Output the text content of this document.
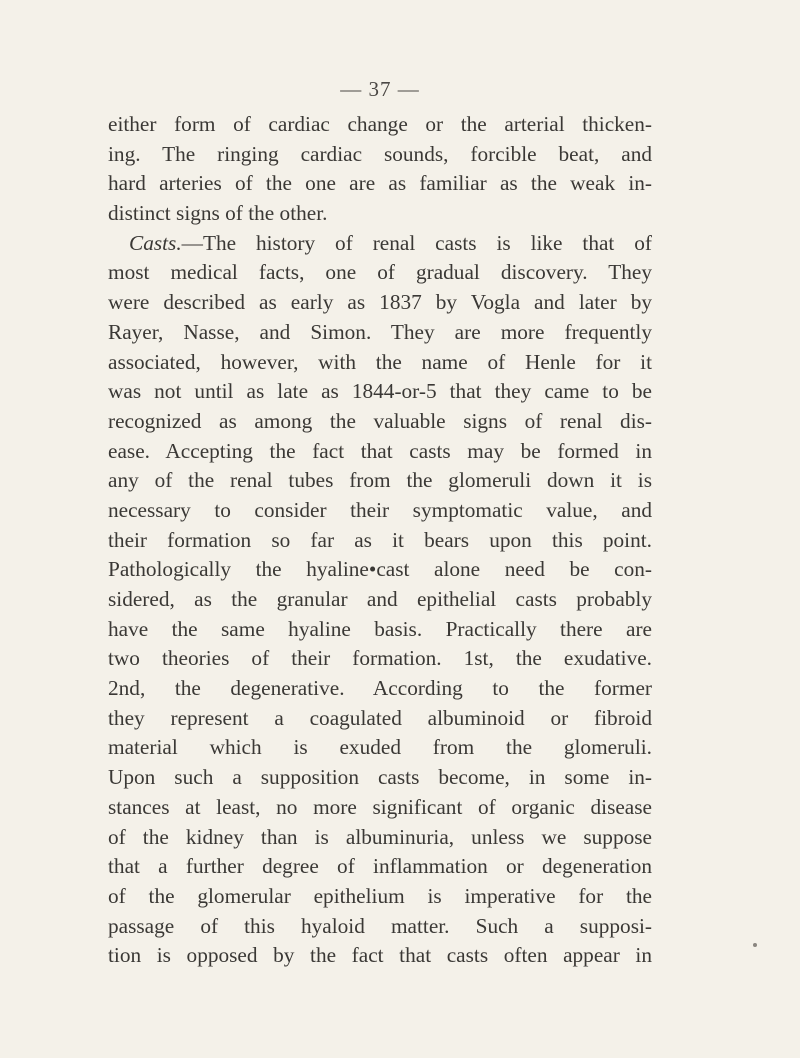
— 37 —
either form of cardiac change or the arterial thicken-
ing. The ringing cardiac sounds, forcible beat, and
hard arteries of the one are as familiar as the weak in-
distinct signs of the other.
Casts.—The history of renal casts is like that of
most medical facts, one of gradual discovery. They
were described as early as 1837 by Vogla and later by
Rayer, Nasse, and Simon. They are more frequently
associated, however, with the name of Henle for it
was not until as late as 1844-or-5 that they came to be
recognized as among the valuable signs of renal dis-
ease. Accepting the fact that casts may be formed in
any of the renal tubes from the glomeruli down it is
necessary to consider their symptomatic value, and
their formation so far as it bears upon this point.
Pathologically the hyaline•cast alone need be con-
sidered, as the granular and epithelial casts probably
have the same hyaline basis. Practically there are
two theories of their formation. 1st, the exudative.
2nd, the degenerative. According to the former
they represent a coagulated albuminoid or fibroid
material which is exuded from the glomeruli.
Upon such a supposition casts become, in some in-
stances at least, no more significant of organic disease
of the kidney than is albuminuria, unless we suppose
that a further degree of inflammation or degeneration
of the glomerular epithelium is imperative for the
passage of this hyaloid matter. Such a supposi-
tion is opposed by the fact that casts often appear in
